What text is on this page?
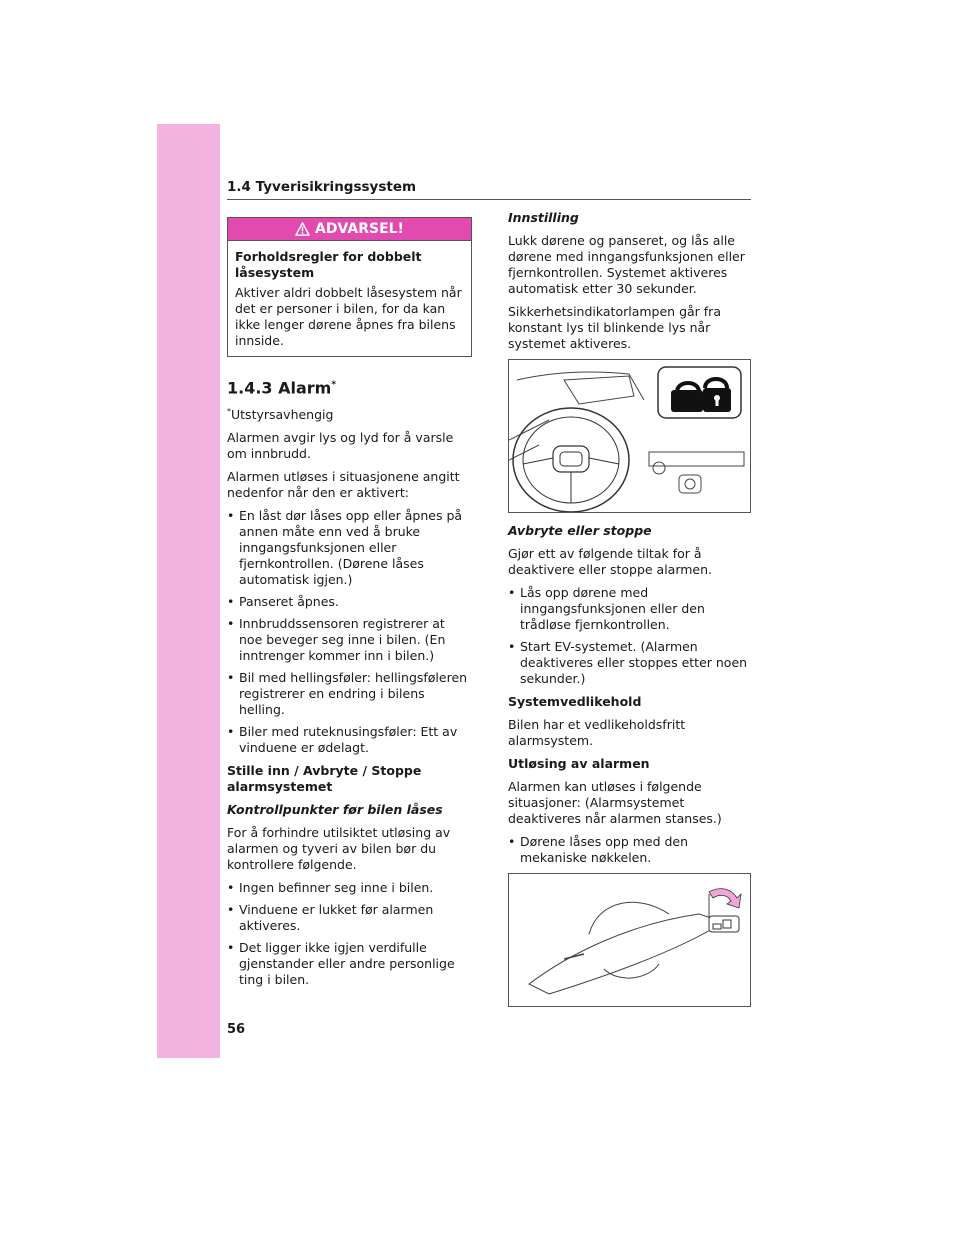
1.4 Tyverisikringssystem
ADVARSEL!

Forholdsregler for dobbelt låsesystem

Aktiver aldri dobbelt låsesystem når det er personer i bilen, for da kan ikke lenger dørene åpnes fra bilens innside.

1.4.3 Alarm*

*Utstyrsavhengig

Alarmen avgir lys og lyd for å varsle om innbrudd.

Alarmen utløses i situasjonene angitt nedenfor når den er aktivert:

• En låst dør låses opp eller åpnes på annen måte enn ved å bruke inngangsfunksjonen eller fjernkontrollen. (Dørene låses automatisk igjen.)
• Panseret åpnes.
• Innbruddssensoren registrerer at noe beveger seg inne i bilen. (En inntrenger kommer inn i bilen.)
• Bil med hellingsføler: hellingsføleren registrerer en endring i bilens helling.
• Biler med ruteknusingsføler: Ett av vinduene er ødelagt.

Stille inn / Avbryte / Stoppe alarmsystemet

Kontrollpunkter før bilen låses

For å forhindre utilsiktet utløsing av alarmen og tyveri av bilen bør du kontrollere følgende.

• Ingen befinner seg inne i bilen.
• Vinduene er lukket før alarmen aktiveres.
• Det ligger ikke igjen verdifulle gjenstander eller andre personlige ting i bilen.

Innstilling

Lukk dørene og panseret, og lås alle dørene med inngangsfunksjonen eller fjernkontrollen. Systemet aktiveres automatisk etter 30 sekunder.

Sikkerhetsindikatorlampen går fra konstant lys til blinkende lys når systemet aktiveres.

Avbryte eller stoppe

Gjør ett av følgende tiltak for å deaktivere eller stoppe alarmen.

• Lås opp dørene med inngangsfunksjonen eller den trådløse fjernkontrollen.
• Start EV-systemet. (Alarmen deaktiveres eller stoppes etter noen sekunder.)

Systemvedlikehold

Bilen har et vedlikeholdsfritt alarmsystem.

Utløsing av alarmen

Alarmen kan utløses i følgende situasjoner: (Alarmsystemet deaktiveres når alarmen stanses.)

• Dørene låses opp med den mekaniske nøkkelen.
56
